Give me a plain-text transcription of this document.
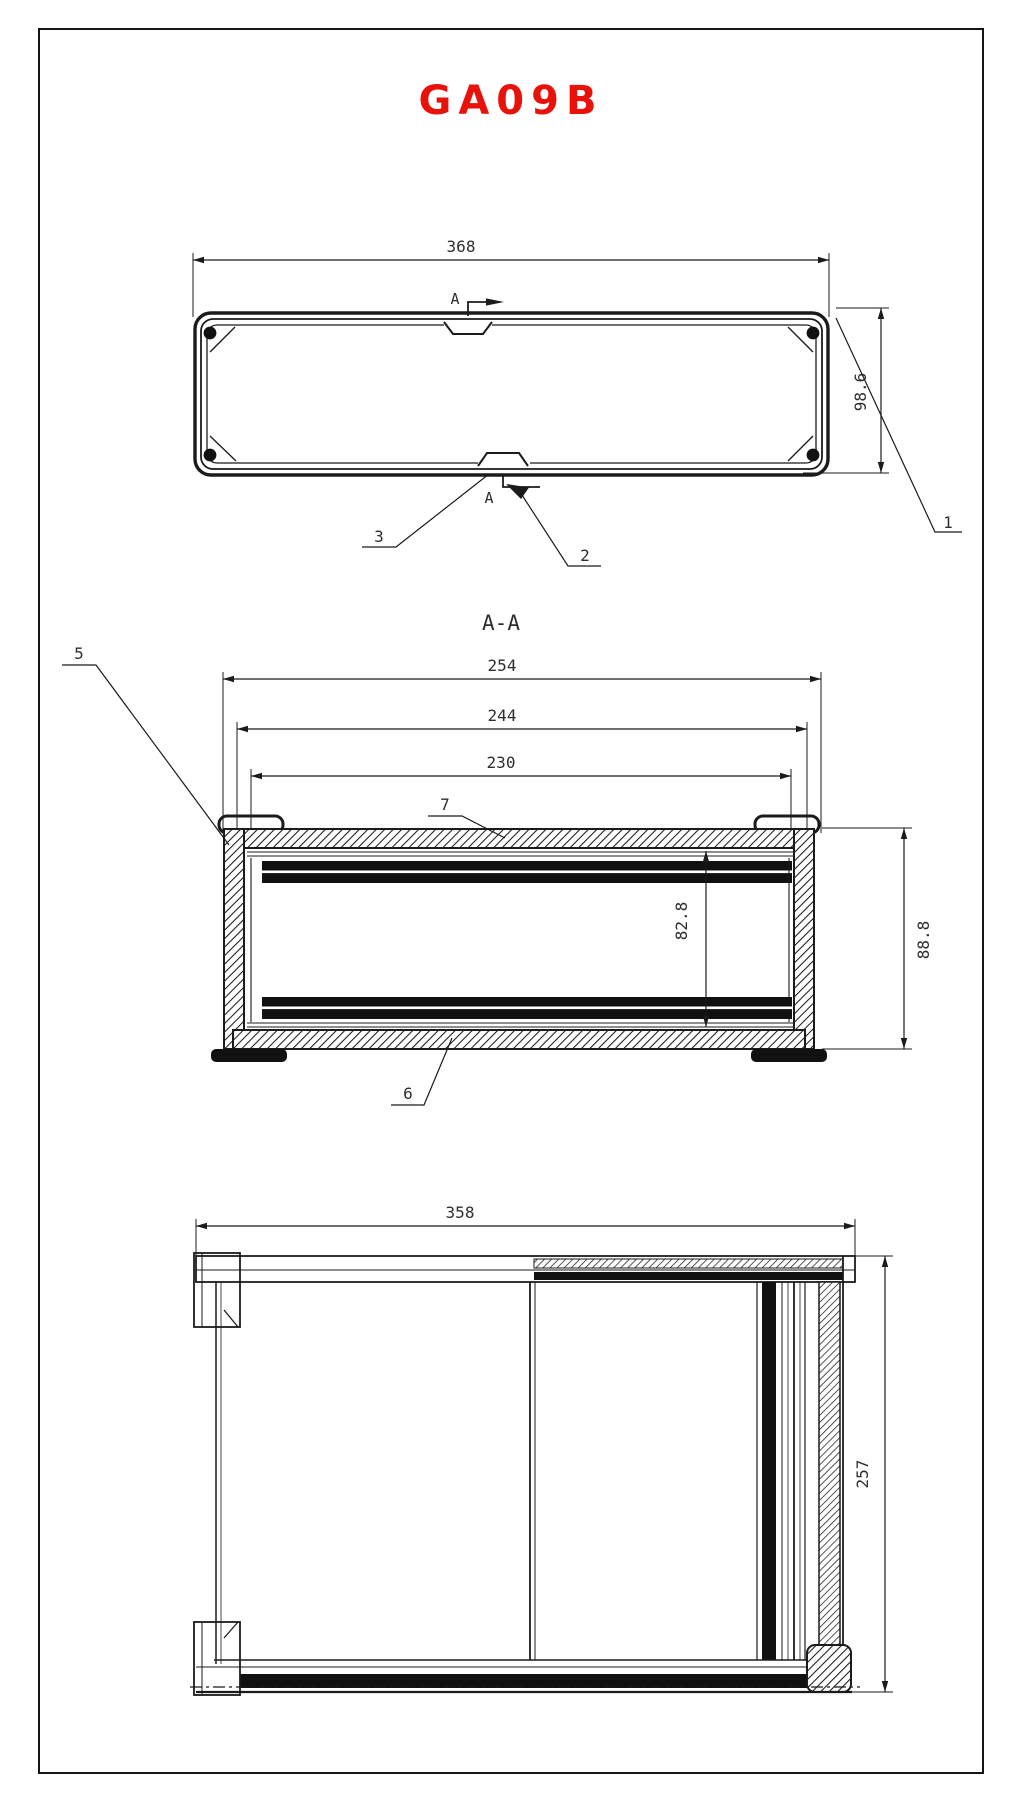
GA09B
368
A
A
98.6
1
3
2
A-A
254
244
230
82.8	88.8
5
7
6
358
257
